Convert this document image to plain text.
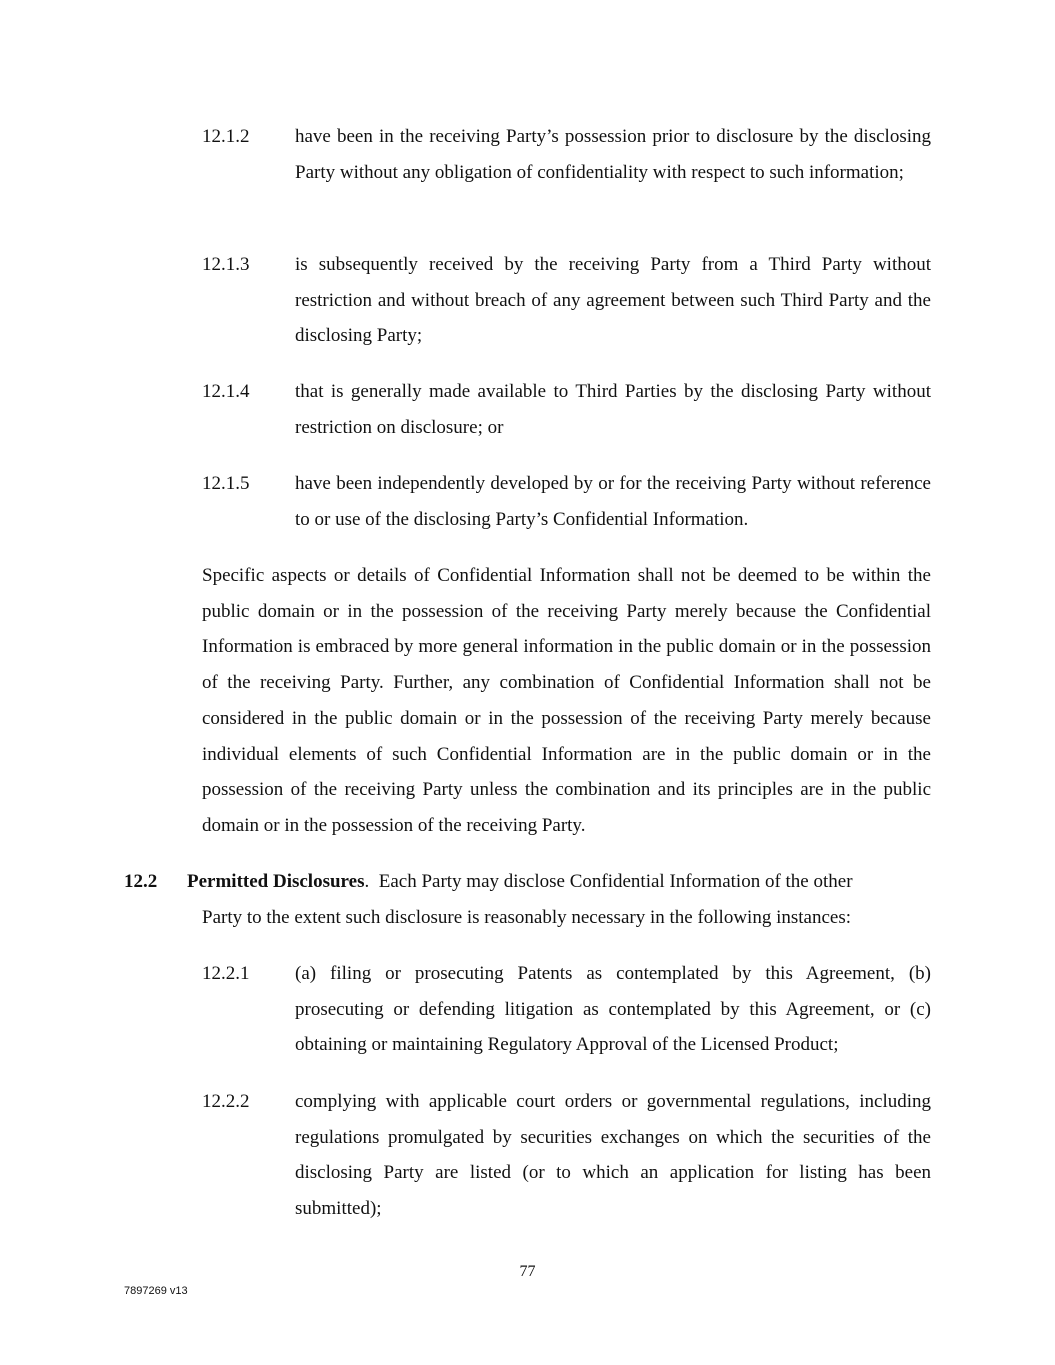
12.1.2 have been in the receiving Party’s possession prior to disclosure by the disclosing Party without any obligation of confidentiality with respect to such information;

12.1.3 is subsequently received by the receiving Party from a Third Party without restriction and without breach of any agreement between such Third Party and the disclosing Party;

12.1.4 that is generally made available to Third Parties by the disclosing Party without restriction on disclosure; or

12.1.5 have been independently developed by or for the receiving Party without reference to or use of the disclosing Party’s Confidential Information.

Specific aspects or details of Confidential Information shall not be deemed to be within the public domain or in the possession of the receiving Party merely because the Confidential Information is embraced by more general information in the public domain or in the possession of the receiving Party. Further, any combination of Confidential Information shall not be considered in the public domain or in the possession of the receiving Party merely because individual elements of such Confidential Information are in the public domain or in the possession of the receiving Party unless the combination and its principles are in the public domain or in the possession of the receiving Party.

12.2 Permitted Disclosures. Each Party may disclose Confidential Information of the other

Party to the extent such disclosure is reasonably necessary in the following instances:

12.2.1 (a) filing or prosecuting Patents as contemplated by this Agreement, (b) prosecuting or defending litigation as contemplated by this Agreement, or (c) obtaining or maintaining Regulatory Approval of the Licensed Product;

12.2.2 complying with applicable court orders or governmental regulations, including regulations promulgated by securities exchanges on which the securities of the disclosing Party are listed (or to which an application for listing has been submitted);

77
7897269 v13
